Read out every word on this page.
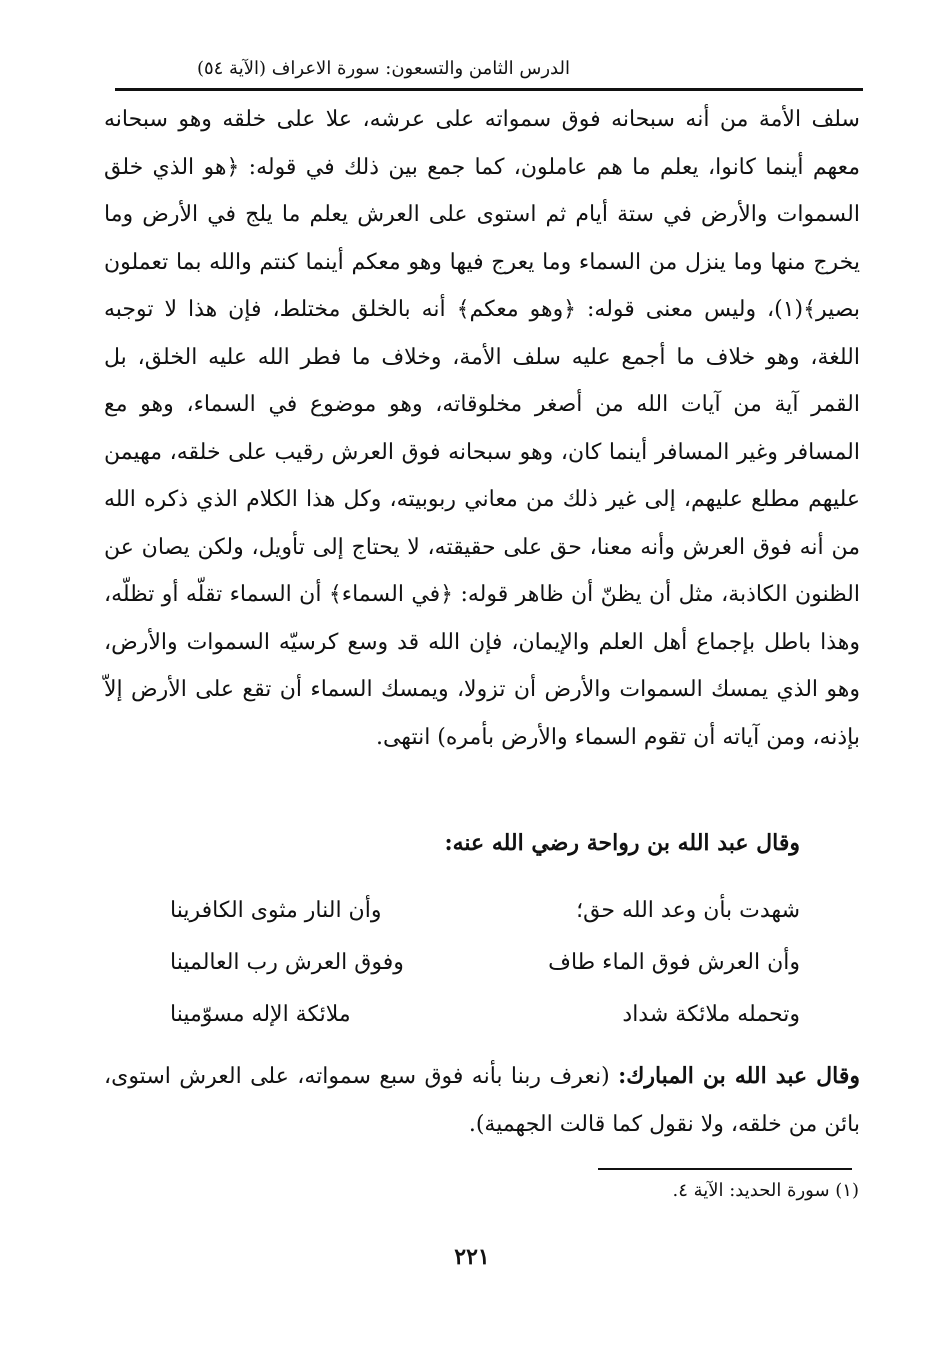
الدرس الثامن والتسعون: سورة الاعراف (الآية ٥٤)

سلف الأمة من أنه سبحانه فوق سمواته على عرشه، علا على خلقه وهو سبحانه معهم أينما كانوا، يعلم ما هم عاملون، كما جمع بين ذلك في قوله: ﴿هو الذي خلق السموات والأرض في ستة أيام ثم استوى على العرش يعلم ما يلج في الأرض وما يخرج منها وما ينزل من السماء وما يعرج فيها وهو معكم أينما كنتم والله بما تعملون بصير﴾(١)، وليس معنى قوله: ﴿وهو معكم﴾ أنه بالخلق مختلط، فإن هذا لا توجبه اللغة، وهو خلاف ما أجمع عليه سلف الأمة، وخلاف ما فطر الله عليه الخلق، بل القمر آية من آيات الله من أصغر مخلوقاته، وهو موضوع في السماء، وهو مع المسافر وغير المسافر أينما كان، وهو سبحانه فوق العرش رقيب على خلقه، مهيمن عليهم مطلع عليهم، إلى غير ذلك من معاني ربوبيته، وكل هذا الكلام الذي ذكره الله من أنه فوق العرش وأنه معنا، حق على حقيقته، لا يحتاج إلى تأويل، ولكن يصان عن الظنون الكاذبة، مثل أن يظنّ أن ظاهر قوله: ﴿في السماء﴾ أن السماء تقلّه أو تظلّه، وهذا باطل بإجماع أهل العلم والإيمان، فإن الله قد وسع كرسيّه السموات والأرض، وهو الذي يمسك السموات والأرض أن تزولا، ويمسك السماء أن تقع على الأرض إلاّ بإذنه، ومن آياته أن تقوم السماء والأرض بأمره) انتهى.

وقال عبد الله بن رواحة رضي الله عنه:
شهدت بأن وعد الله حق؛
وأن النار مثوى الكافرينا
وأن العرش فوق الماء طاف
وفوق العرش رب العالمينا
وتحمله ملائكة شداد
ملائكة الإله مسوّمينا

وقال عبد الله بن المبارك: (نعرف ربنا بأنه فوق سبع سمواته، على العرش استوى، بائن من خلقه، ولا نقول كما قالت الجهمية).

(١) سورة الحديد: الآية ٤.
٢٢١
